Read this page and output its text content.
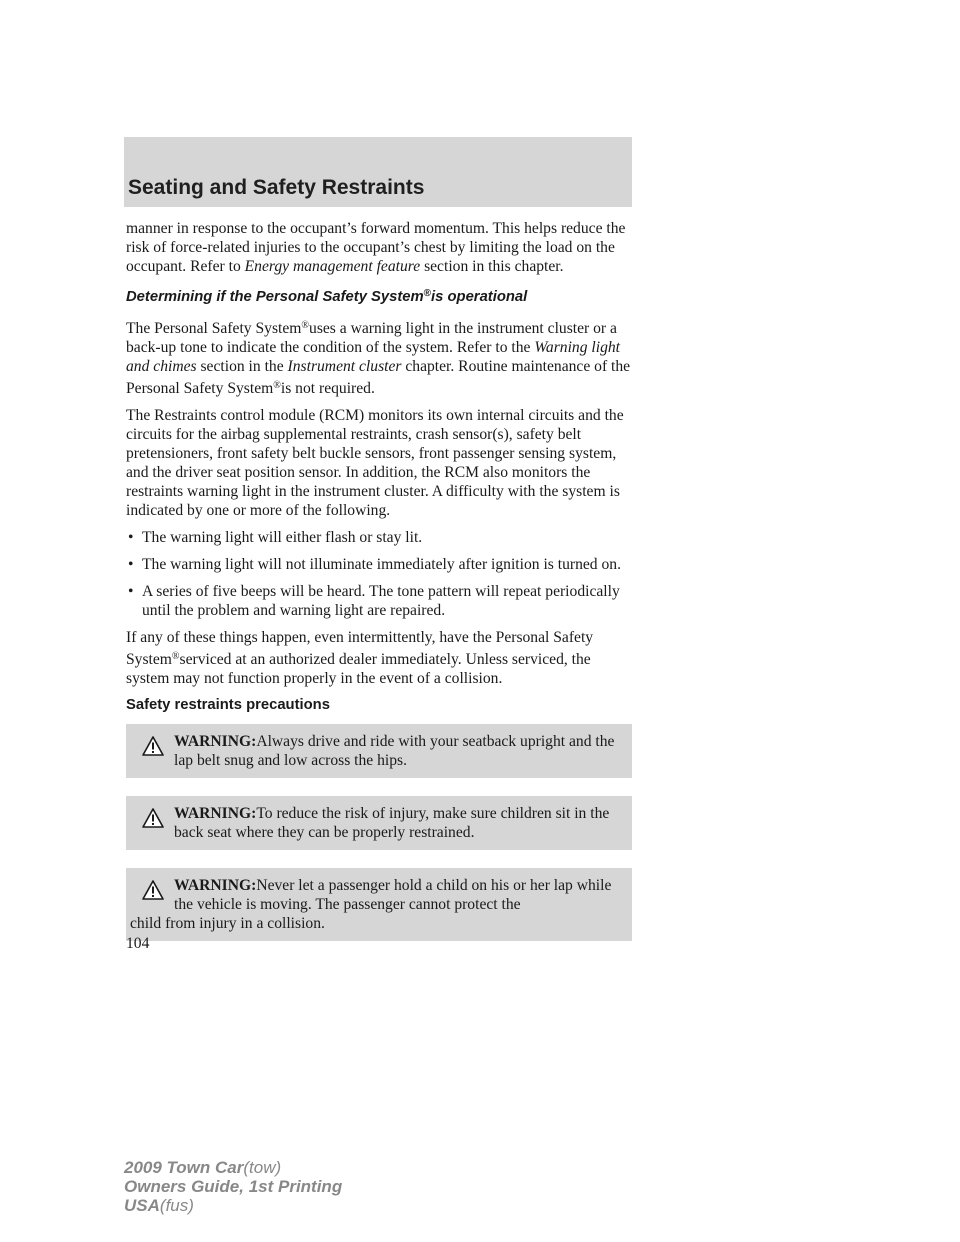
Seating and Safety Restraints

manner in response to the occupant’s forward momentum. This helps reduce the risk of force-related injuries to the occupant’s chest by limiting the load on the occupant. Refer to Energy management feature section in this chapter.

Determining if the Personal Safety System®is operational

The Personal Safety System®uses a warning light in the instrument cluster or a back-up tone to indicate the condition of the system. Refer to the Warning light and chimes section in the Instrument cluster chapter. Routine maintenance of the Personal Safety System®is not required.

The Restraints control module (RCM) monitors its own internal circuits and the circuits for the airbag supplemental restraints, crash sensor(s), safety belt pretensioners, front safety belt buckle sensors, front passenger sensing system, and the driver seat position sensor. In addition, the RCM also monitors the restraints warning light in the instrument cluster. A difficulty with the system is indicated by one or more of the following.

• The warning light will either flash or stay lit.
• The warning light will not illuminate immediately after ignition is turned on.
• A series of five beeps will be heard. The tone pattern will repeat periodically until the problem and warning light are repaired.

If any of these things happen, even intermittently, have the Personal Safety System®serviced at an authorized dealer immediately. Unless serviced, the system may not function properly in the event of a collision.

Safety restraints precautions
WARNING:Always drive and ride with your seatback upright and the lap belt snug and low across the hips.
WARNING:To reduce the risk of injury, make sure children sit in the back seat where they can be properly restrained.
WARNING:Never let a passenger hold a child on his or her lap while the vehicle is moving. The passenger cannot protect the
child from injury in a collision.
104
2009 Town Car(tow)
Owners Guide, 1st Printing
USA(fus)
